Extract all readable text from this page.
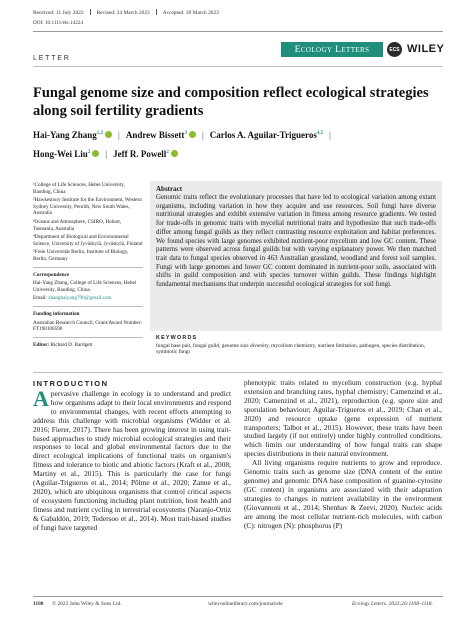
Received: 11 July 2022 Revised: 24 March 2023 Accepted: 30 March 2023
DOI: 10.1111/ele.14224
Ecology Letters	ECS WILEY
LETTER
Fungal genome size and composition reflect ecological strategies along soil fertility gradients
Hai-Yang Zhang$^{1,2}$ | Andrew Bissett$^3$ | Carlos A. Aguilar-Trigueros$^{4,5}$ |
Hong-Wei Liu$^2$ | Jeff R. Powell$^2$

¹College of Life Sciences, Hebei University, Baoding, China

²Hawkesbury Institute for the Environment, Western Sydney University, Penrith, New South Wales, Australia

³Oceans and Atmosphere, CSIRO, Hobart, Tasmania, Australia

⁴Department of Biological and Environmental Science, University of Jyväskylä, Jyväskylä, Finland

⁵Freie Universität Berlin, Institute of Biology, Berlin, Germany

Correspondence

Hai-Yang Zhang, College of Life Sciences, Hebei University, Baoding, China.

Email: zhanghaiyang798@gmail.com

Funding information

Australian Research Council, Grant/Award Number: FT190100590

Editor: Richard D. Bardgett

Abstract
Genomic traits reflect the evolutionary processes that have led to ecological variation among extant organisms, including variation in how they acquire and use resources. Soil fungi have diverse nutritional strategies and exhibit extensive variation in fitness among resource gradients. We tested for trade-offs in genomic traits with mycelial nutritional traits and hypothesize that such trade-offs differ among fungal guilds as they reflect contrasting resource exploitation and habitat preferences. We found species with large genomes exhibited nutrient-poor mycelium and low GC content. These patterns were observed across fungal guilds but with varying explanatory power. We then matched trait data to fungal species observed in 463 Australian grassland, woodland and forest soil samples. Fungi with large genomes and lower GC content dominated in nutrient-poor soils, associated with shifts in guild composition and with species turnover within guilds. These findings highlight fundamental mechanisms that underpin successful ecological strategies for soil fungi.
KEYWORDS
fungal base pair, fungal guild, genome size diversity, mycelium chemistry, nutrient limitation, pathogen, species distribution, symbiotic fungi
INTRODUCTION

A pervasive challenge in ecology is to understand and predict how organisms adapt to their local environments and respond to environmental changes, with recent efforts attempting to address this challenge with microbial organisms (Widder et al. 2016; Fierer, 2017). There has been growing interest in using trait-based approaches to study microbial ecological strategies and their responses to local and global environmental factors due to the direct ecological implications of functional traits on organism's fitness and tolerance to biotic and abiotic factors (Kraft et al., 2008; Martiny et al., 2015). This is particularly the case for fungi (Aguilar-Trigueros et al., 2014; Põlme et al., 2020; Zanne et al., 2020), which are ubiquitous organisms that control critical aspects of ecosystem functioning including plant nutrition, host health and fitness and nutrient cycling in terrestrial ecosystems (Naranjo-Ortiz & Gabaldón, 2019; Tedersoo et al., 2014). Most trait-based studies of fungi have targeted

phenotypic traits related to mycelium construction (e.g. hyphal extension and branching rates, hyphal chemistry; Camenzind et al., 2020; Camenzind et al., 2021), reproduction (e.g. spore size and sporulation behaviour; Aguilar-Trigueros et al., 2019; Chan et al., 2020) and resource uptake (gene expression of nutrient transporters; Talbot et al., 2015). However, these traits have been studied largely (if not entirely) under highly controlled conditions, which limits our understanding of how fungal traits can shape species distributions in their natural environment.

All living organisms require nutrients to grow and reproduce. Genomic traits such as genome size (DNA content of the entire genome) and genomic DNA base composition of guanine-cytosine (GC content) in organisms are associated with their adaptation strategies to changes in nutrient availability in the environment (Giovannoni et al., 2014; Shenhav & Zeevi, 2020). Nucleic acids are among the most cellular nutrient-rich molecules, with carbon (C): nitrogen (N): phosphorus (P)

1108 © 2023 John Wiley & Sons Ltd.	wileyonlinelibrary.com/journal/ele	Ecology Letters. 2023;26:1108–1118.
